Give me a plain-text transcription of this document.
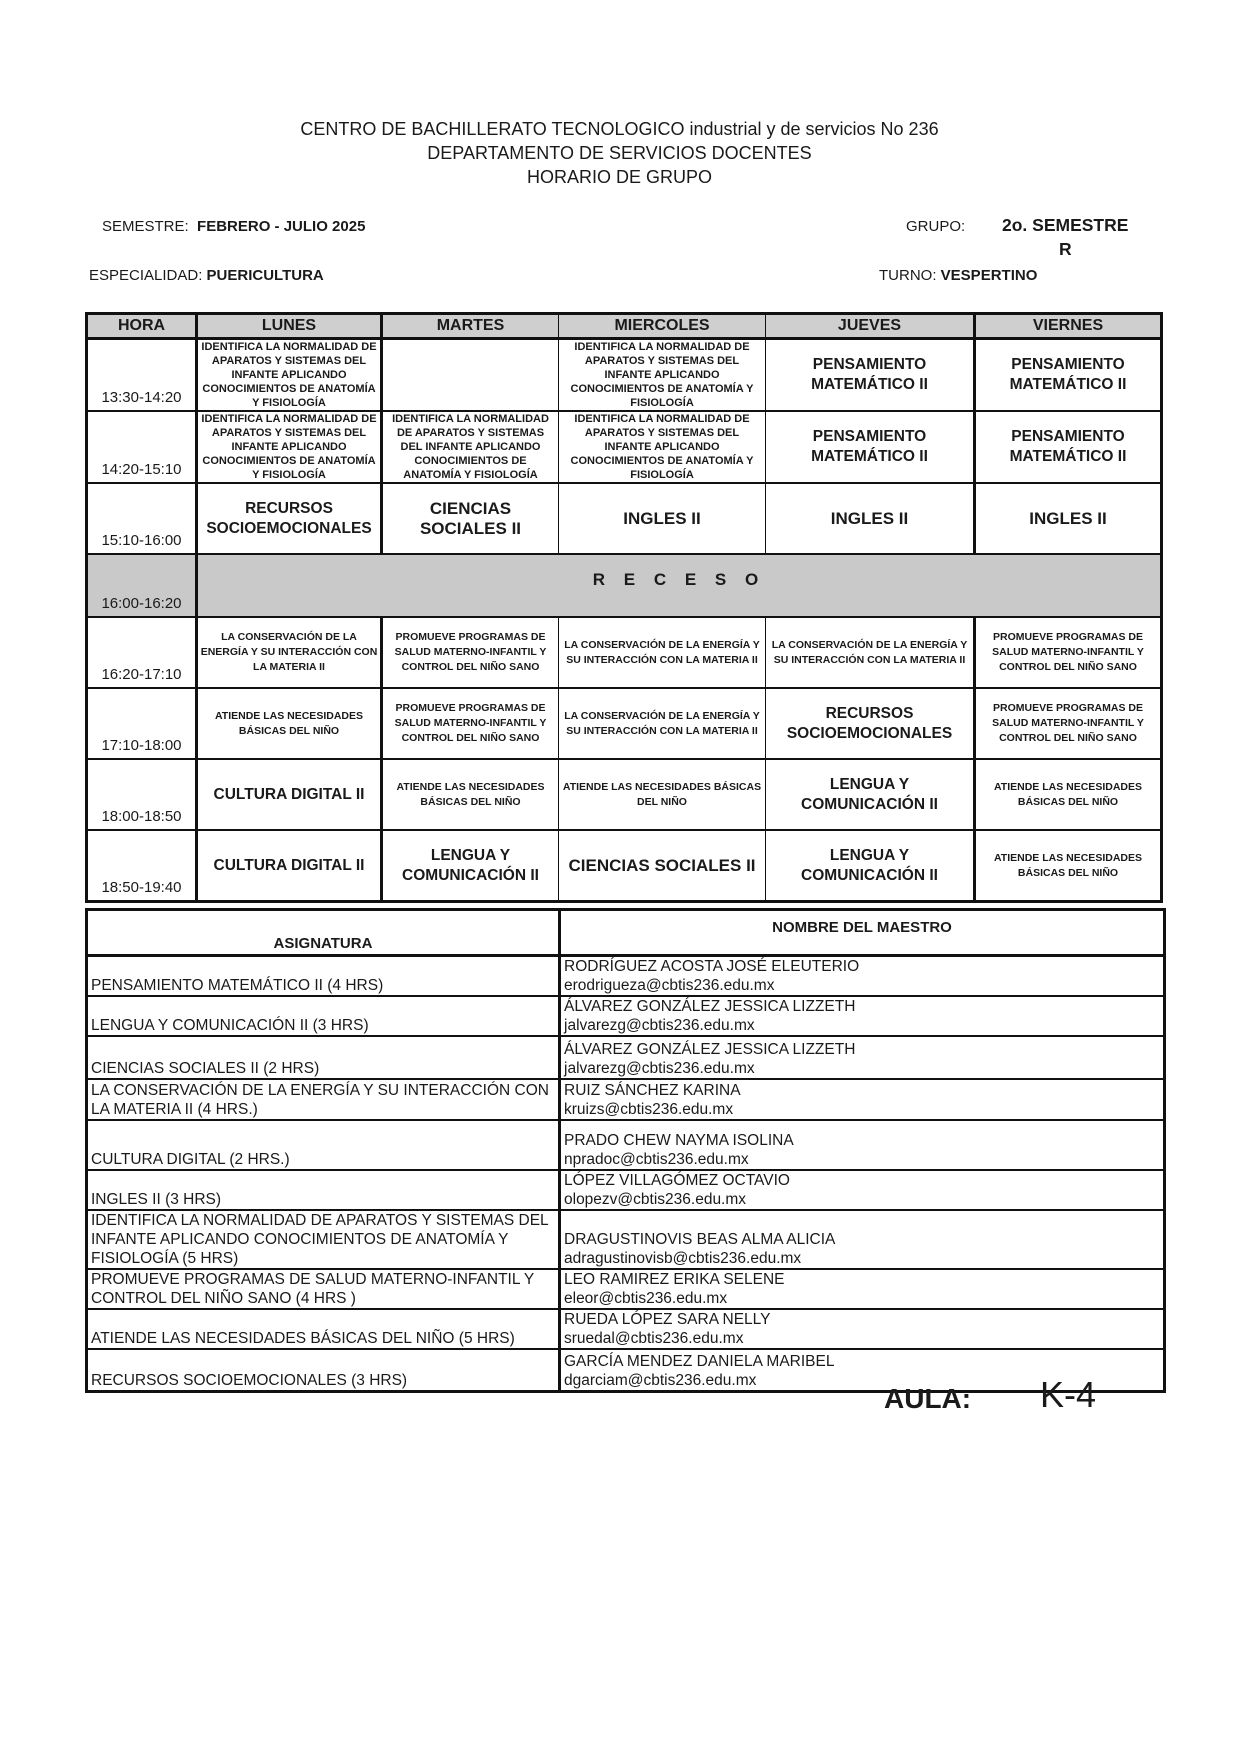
CENTRO DE BACHILLERATO TECNOLOGICO industrial y de servicios No 236
DEPARTAMENTO DE SERVICIOS DOCENTES
HORARIO DE GRUPO
SEMESTRE: FEBRERO - JULIO 2025	GRUPO: 2o. SEMESTRE
R
ESPECIALIDAD: PUERICULTURA	TURNO: VESPERTINO
HORA	LUNES	MARTES	MIERCOLES	JUEVES	VIERNES
13:30-14:20	IDENTIFICA LA NORMALIDAD DE APARATOS Y SISTEMAS DEL INFANTE APLICANDO CONOCIMIENTOS DE ANATOMÍA Y FISIOLOGÍA		IDENTIFICA LA NORMALIDAD DE APARATOS Y SISTEMAS DEL INFANTE APLICANDO CONOCIMIENTOS DE ANATOMÍA Y FISIOLOGÍA	PENSAMIENTO MATEMÁTICO II	PENSAMIENTO MATEMÁTICO II
14:20-15:10	IDENTIFICA LA NORMALIDAD DE APARATOS Y SISTEMAS DEL INFANTE APLICANDO CONOCIMIENTOS DE ANATOMÍA Y FISIOLOGÍA	IDENTIFICA LA NORMALIDAD DE APARATOS Y SISTEMAS DEL INFANTE APLICANDO CONOCIMIENTOS DE ANATOMÍA Y FISIOLOGÍA	IDENTIFICA LA NORMALIDAD DE APARATOS Y SISTEMAS DEL INFANTE APLICANDO CONOCIMIENTOS DE ANATOMÍA Y FISIOLOGÍA	PENSAMIENTO MATEMÁTICO II	PENSAMIENTO MATEMÁTICO II
15:10-16:00	RECURSOS SOCIOEMOCIONALES	CIENCIAS SOCIALES II	INGLES II	INGLES II	INGLES II
16:00-16:20	R E C E S O				
16:20-17:10	LA CONSERVACIÓN DE LA ENERGÍA Y SU INTERACCIÓN CON LA MATERIA II	PROMUEVE PROGRAMAS DE SALUD MATERNO-INFANTIL Y CONTROL DEL NIÑO SANO	LA CONSERVACIÓN DE LA ENERGÍA Y SU INTERACCIÓN CON LA MATERIA II	LA CONSERVACIÓN DE LA ENERGÍA Y SU INTERACCIÓN CON LA MATERIA II	PROMUEVE PROGRAMAS DE SALUD MATERNO-INFANTIL Y CONTROL DEL NIÑO SANO
17:10-18:00	ATIENDE LAS NECESIDADES BÁSICAS DEL NIÑO	PROMUEVE PROGRAMAS DE SALUD MATERNO-INFANTIL Y CONTROL DEL NIÑO SANO	LA CONSERVACIÓN DE LA ENERGÍA Y SU INTERACCIÓN CON LA MATERIA II	RECURSOS SOCIOEMOCIONALES	PROMUEVE PROGRAMAS DE SALUD MATERNO-INFANTIL Y CONTROL DEL NIÑO SANO
18:00-18:50	CULTURA DIGITAL II	ATIENDE LAS NECESIDADES BÁSICAS DEL NIÑO	ATIENDE LAS NECESIDADES BÁSICAS DEL NIÑO	LENGUA Y COMUNICACIÓN II	ATIENDE LAS NECESIDADES BÁSICAS DEL NIÑO
18:50-19:40	CULTURA DIGITAL II	LENGUA Y COMUNICACIÓN II	CIENCIAS SOCIALES II	LENGUA Y COMUNICACIÓN II	ATIENDE LAS NECESIDADES BÁSICAS DEL NIÑO
ASIGNATURA	NOMBRE DEL MAESTRO
PENSAMIENTO MATEMÁTICO II (4 HRS)	RODRÍGUEZ ACOSTA JOSÉ ELEUTERIO
erodrigueza@cbtis236.edu.mx

LENGUA Y COMUNICACIÓN II (3 HRS)	ÁLVAREZ GONZÁLEZ JESSICA LIZZETH
jalvarezg@cbtis236.edu.mx

CIENCIAS SOCIALES II (2 HRS)	ÁLVAREZ GONZÁLEZ JESSICA LIZZETH
jalvarezg@cbtis236.edu.mx

LA CONSERVACIÓN DE LA ENERGÍA Y SU INTERACCIÓN CON LA MATERIA II (4 HRS.)	RUIZ SÁNCHEZ KARINA
kruizs@cbtis236.edu.mx

CULTURA DIGITAL (2 HRS.)	PRADO CHEW NAYMA ISOLINA
npradoc@cbtis236.edu.mx

INGLES II (3 HRS)	LÓPEZ VILLAGÓMEZ OCTAVIO
olopezv@cbtis236.edu.mx

IDENTIFICA LA NORMALIDAD DE APARATOS Y SISTEMAS DEL INFANTE APLICANDO CONOCIMIENTOS DE ANATOMÍA Y FISIOLOGÍA (5 HRS)	DRAGUSTINOVIS BEAS ALMA ALICIA
adragustinovisb@cbtis236.edu.mx

PROMUEVE PROGRAMAS DE SALUD MATERNO-INFANTIL Y CONTROL DEL NIÑO SANO (4 HRS )	LEO RAMIREZ ERIKA SELENE
eleor@cbtis236.edu.mx

ATIENDE LAS NECESIDADES BÁSICAS DEL NIÑO (5 HRS)	RUEDA LÓPEZ SARA NELLY
sruedal@cbtis236.edu.mx

RECURSOS SOCIOEMOCIONALES (3 HRS)	GARCÍA MENDEZ DANIELA MARIBEL
dgarciam@cbtis236.edu.mx
AULA: K-4
